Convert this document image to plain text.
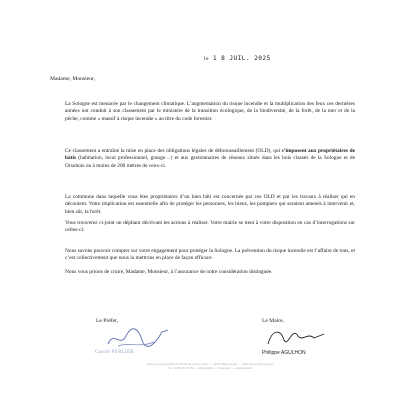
le 1 8 JUIL. 2025
Madame, Monsieur,
La Sologne est menacée par le changement climatique. L’augmentation du risque incendie et la multiplication des feux ces dernières années ont conduit à son classement par le ministère de la transition écologique, de la biodiversité, de la forêt, de la mer et de la pêche, comme « massif à risque incendie » au titre du code forestier.
Ce classement a entraîné la mise en place des obligations légales de débroussaillement (OLD), qui s’imposent aux propriétaires de bâtis (habitation, local professionnel, grange…) et aux gestionnaires de réseaux situés dans les bois classés de la Sologne et de Orsohois ou à moins de 200 mètres de ceux-ci.
La commune dans laquelle vous êtes propriétaires d’un bien bâti est concernée par ces OLD et par les travaux à réaliser qui en découlent. Votre implication est essentielle afin de protéger les personnes, les biens, les pompiers qui seraient amenés à intervenir et, bien sûr, la forêt.
Vous trouverez ci-joint un dépliant décrivant les actions à réaliser. Votre mairie se tient à votre disposition en cas d’interrogations sur celles-ci.
Nous savons pouvoir compter sur votre engagement pour protéger la Sologne. La prévention du risque incendie est l’affaire de tous, et c’est collectivement que nous la mettrons en place de façon efficace.
Nous vous prions de croire, Madame, Monsieur, à l’assurance de notre considération distinguée.
Le Préfet,	Le Maire,
Carole PERLIER	Philippe AGULHON
Liaison et secrétariat du Préfet de Loir-et-Cher — 41018 Blois cedex — www.loir-et-cher.gouv.fr
Tél : 02 54 81 54 54 — @prefet41 — Instagram — préfecture41
